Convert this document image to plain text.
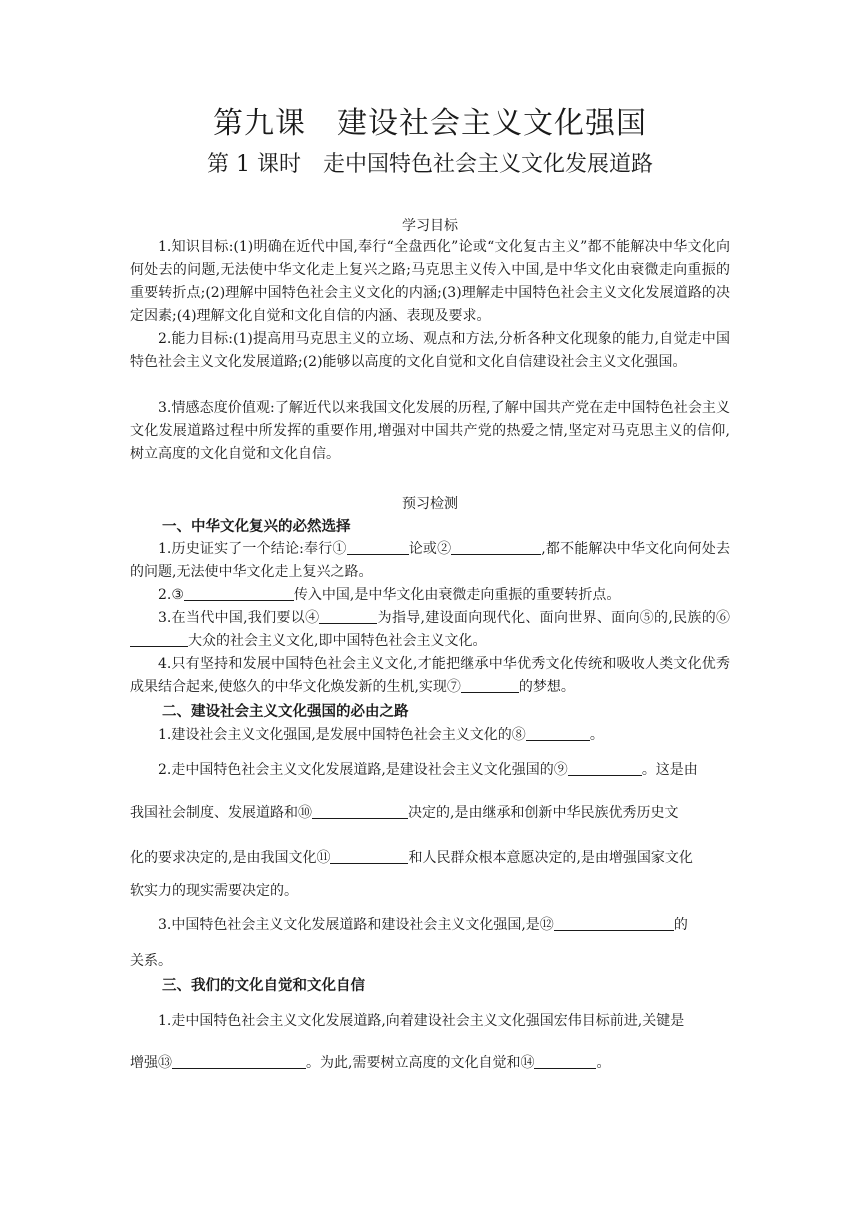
第九课　建设社会主义文化强国
第 1 课时　走中国特色社会主义文化发展道路
学习目标

1.知识目标:(1)明确在近代中国,奉行“全盘西化”论或“文化复古主义”都不能解决中华文化向何处去的问题,无法使中华文化走上复兴之路;马克思主义传入中国,是中华文化由衰微走向重振的重要转折点;(2)理解中国特色社会主义文化的内涵;(3)理解走中国特色社会主义文化发展道路的决定因素;(4)理解文化自觉和文化自信的内涵、表现及要求。

2.能力目标:(1)提高用马克思主义的立场、观点和方法,分析各种文化现象的能力,自觉走中国特色社会主义文化发展道路;(2)能够以高度的文化自觉和文化自信建设社会主义文化强国。

3.情感态度价值观:了解近代以来我国文化发展的历程,了解中国共产党在走中国特色社会主义文化发展道路过程中所发挥的重要作用,增强对中国共产党的热爱之情,坚定对马克思主义的信仰,树立高度的文化自觉和文化自信。

预习检测
一、中华文化复兴的必然选择

1.历史证实了一个结论:奉行①	论或②	,都不能解决中华文化向何处去的问题,无法使中华文化走上复兴之路。

2.③	传入中国,是中华文化由衰微走向重振的重要转折点。

3.在当代中国,我们要以④	为指导,建设面向现代化、面向世界、面向⑤的,民族的⑥大众的社会主义文化,即中国特色社会主义文化。

4.只有坚持和发展中国特色社会主义文化,才能把继承中华优秀文化传统和吸收人类文化优秀成果结合起来,使悠久的中华文化焕发新的生机,实现⑦	的梦想。

二、建设社会主义文化强国的必由之路

1.建设社会主义文化强国,是发展中国特色社会主义文化的⑧	。

2.走中国特色社会主义文化发展道路,是建设社会主义文化强国的⑨	。这是由

我国社会制度、发展道路和⑩	决定的,是由继承和创新中华民族优秀历史文

化的要求决定的,是由我国文化⑪	和人民群众根本意愿决定的,是由增强国家文化

软实力的现实需要决定的。

3.中国特色社会主义文化发展道路和建设社会主义文化强国,是⑫	的

关系。

三、我们的文化自觉和文化自信

1.走中国特色社会主义文化发展道路,向着建设社会主义文化强国宏伟目标前进,关键是

增强⑬	。为此,需要树立高度的文化自觉和⑭	。
